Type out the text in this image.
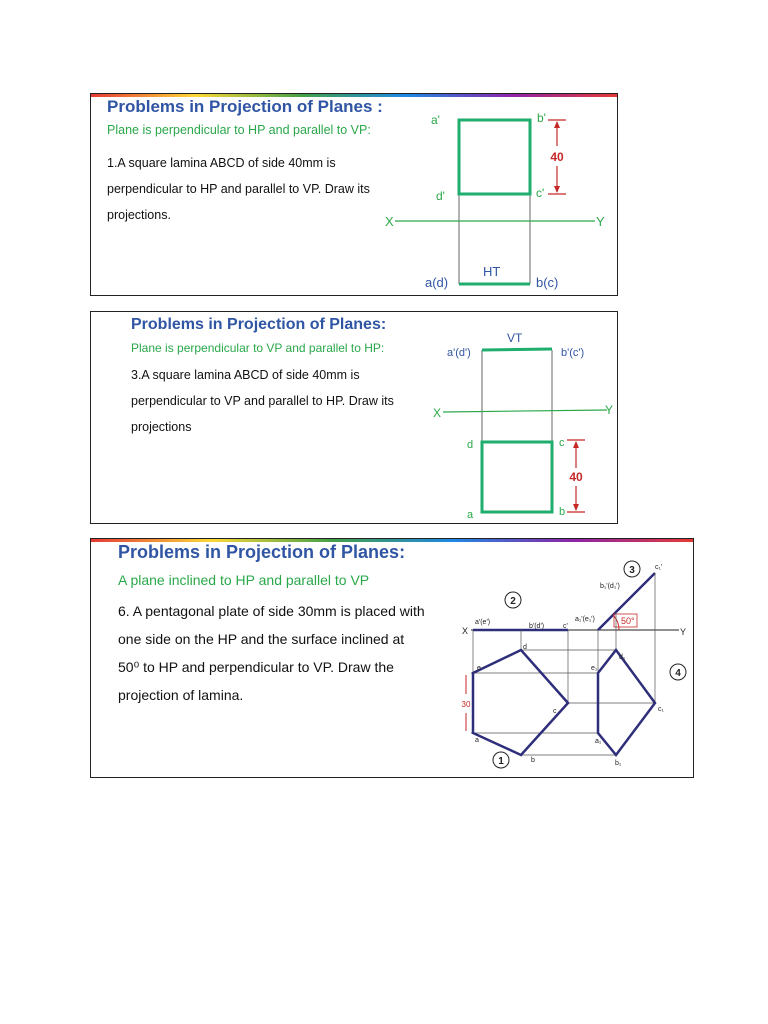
Problems in Projection of Planes :
Plane is perpendicular to HP and parallel to VP:
1.A square lamina ABCD of side 40mm is
perpendicular to HP and parallel to VP. Draw its
projections.	X	Y
a'	b'
c'
d'
40
HT
a(d)	b(c)
Problems in Projection of Planes:
Plane is perpendicular to VP and parallel to HP:
3.A square lamina ABCD of side 40mm is
perpendicular to VP and parallel to HP. Draw its
projections
VT
a'(d')	b'(c')
X	Y
d	c
a	b
40
Problems in Projection of Planes:
A plane inclined to HP and parallel to VP
6. A pentagonal plate of side 30mm is placed with
one side on the HP and the surface inclined at
50⁰ to HP and perpendicular to VP. Draw the
projection of lamina.
X	Y
50°
30
1
2
3
4
a'(e')
b'(d')	c'
a₁'(e₁')
b₁'(d₁')
c₁'
e
d
c
a
b
e₁
d₁
c₁
a₁
b₁
